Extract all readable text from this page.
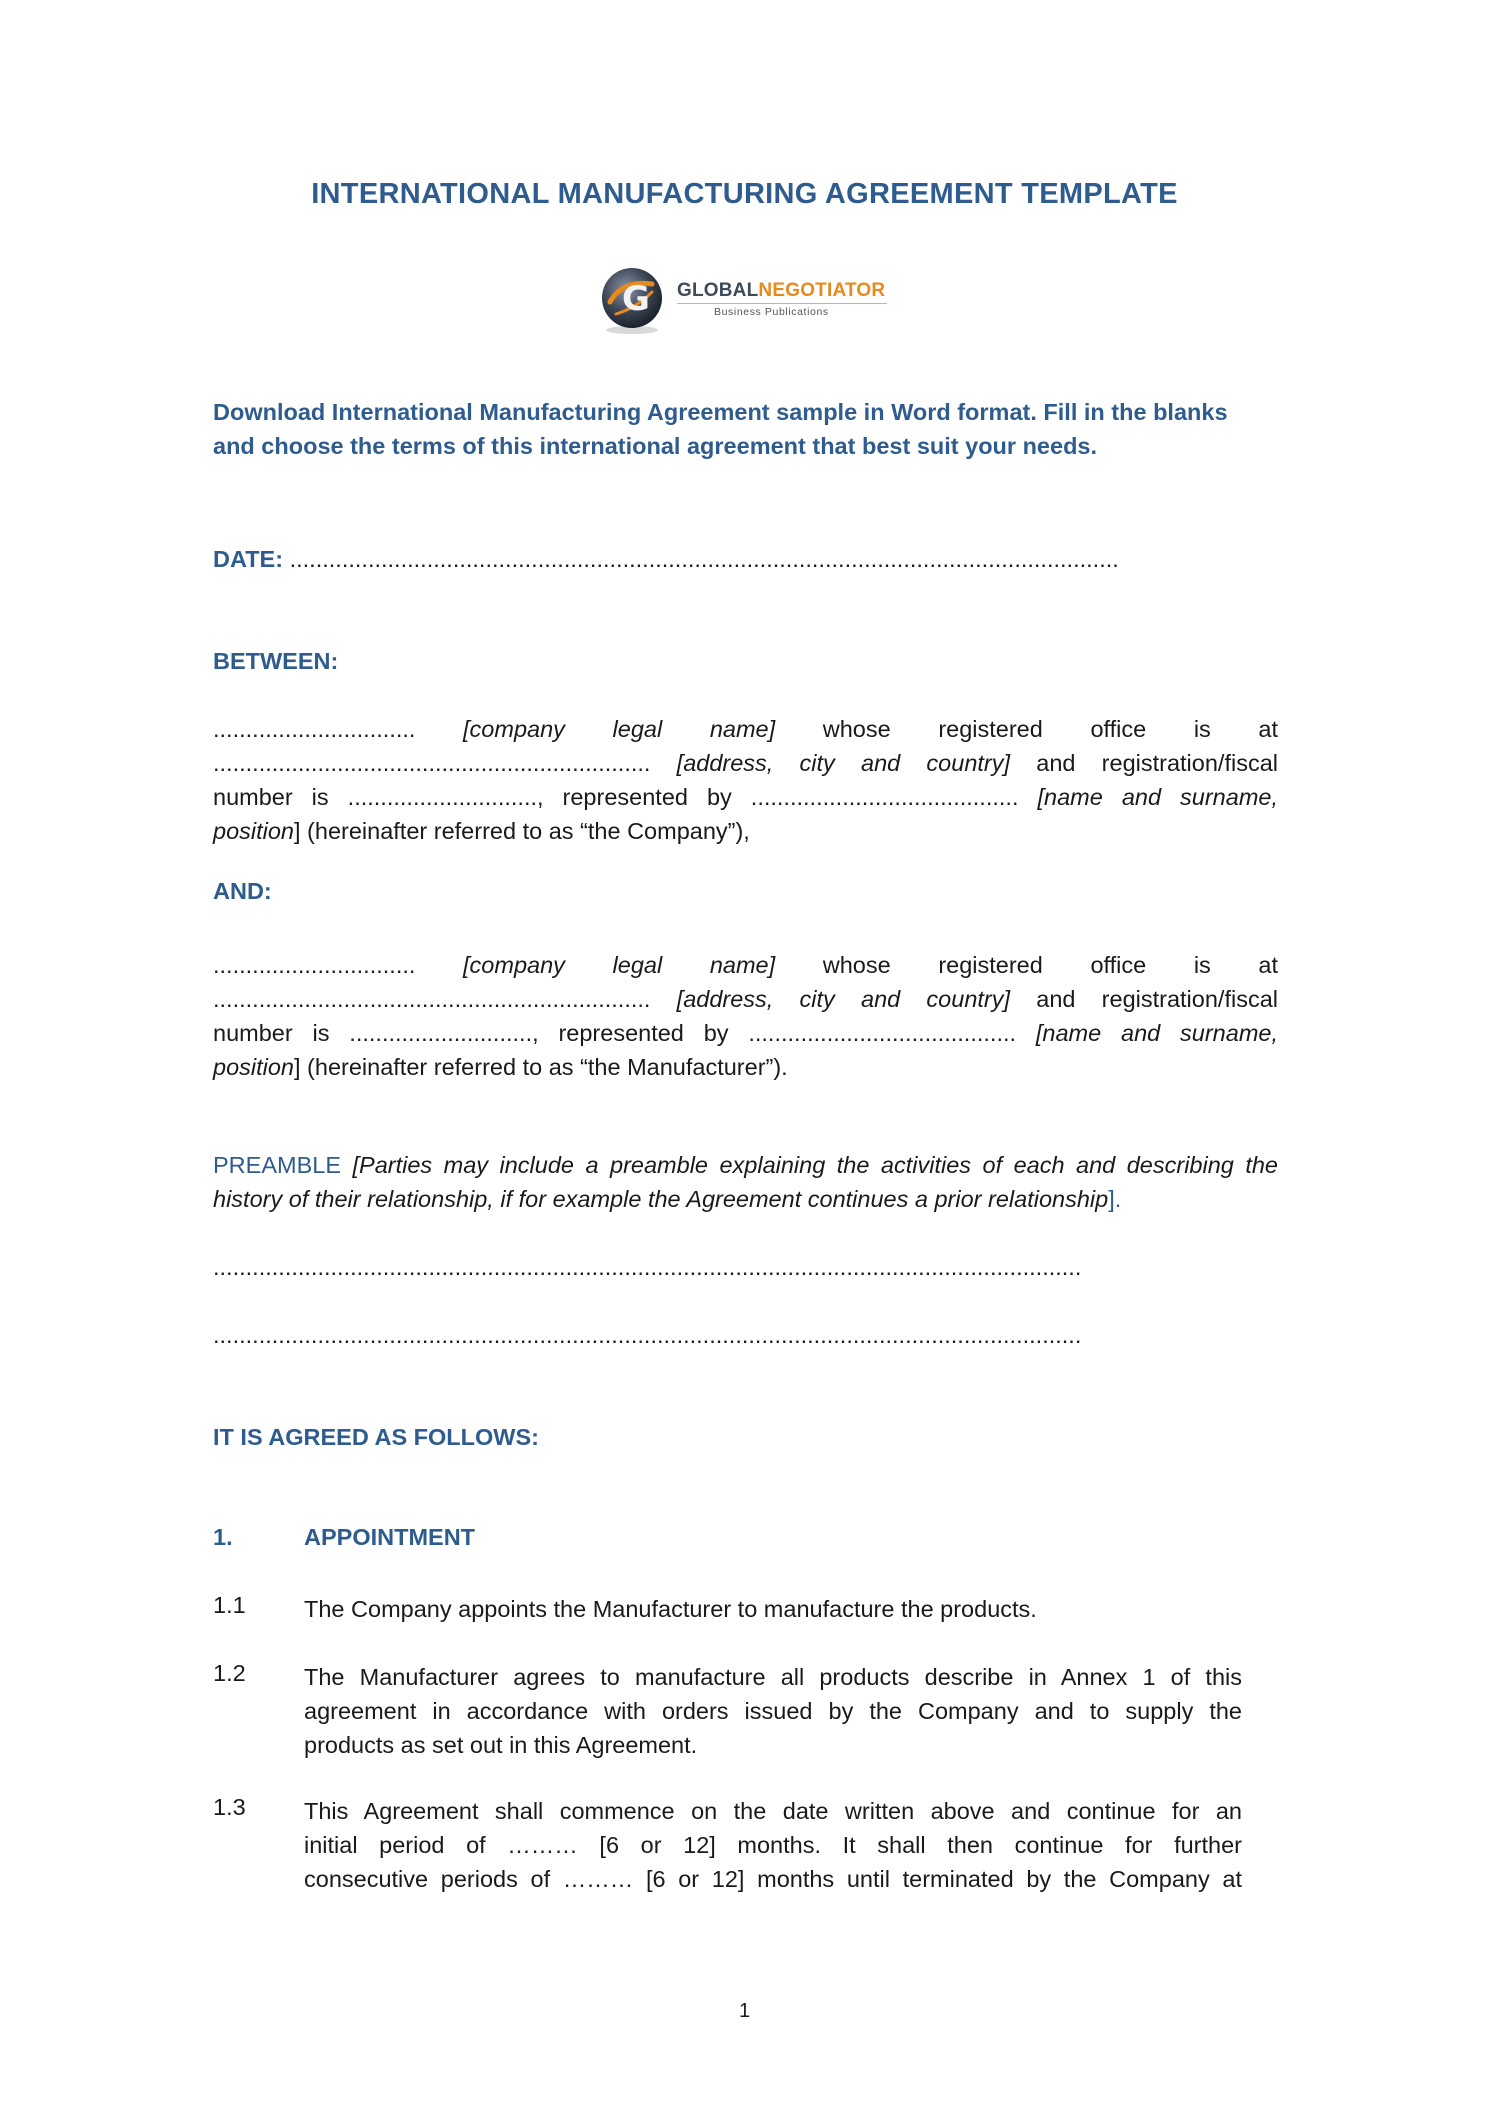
INTERNATIONAL MANUFACTURING AGREEMENT TEMPLATE
G GLOBALNEGOTIATOR
Business Publications
Download International Manufacturing Agreement sample in Word format. Fill in the blanks
and choose the terms of this international agreement that best suit your needs.
DATE: ...............................................................................................................................
BETWEEN:
............................... [company legal name] whose registered office is at
................................................................... [address, city and country] and registration/fiscal
number is ............................., represented by ......................................... [name and surname,
position] (hereinafter referred to as “the Company”),
AND:
............................... [company legal name] whose registered office is at
................................................................... [address, city and country] and registration/fiscal
number is ............................, represented by ......................................... [name and surname,
position] (hereinafter referred to as “the Manufacturer”).
PREAMBLE [Parties may include a preamble explaining the activities of each and describing the
history of their relationship, if for example the Agreement continues a prior relationship].
.....................................................................................................................................
.....................................................................................................................................
IT IS AGREED AS FOLLOWS:
1.	APPOINTMENT
1.1 The Company appoints the Manufacturer to manufacture the products.
1.2 The Manufacturer agrees to manufacture all products describe in Annex 1 of this
agreement in accordance with orders issued by the Company and to supply the
products as set out in this Agreement.
1.3 This Agreement shall commence on the date written above and continue for an
initial period of ……… [6 or 12] months. It shall then continue for further
consecutive periods of ……… [6 or 12] months until terminated by the Company at
1
